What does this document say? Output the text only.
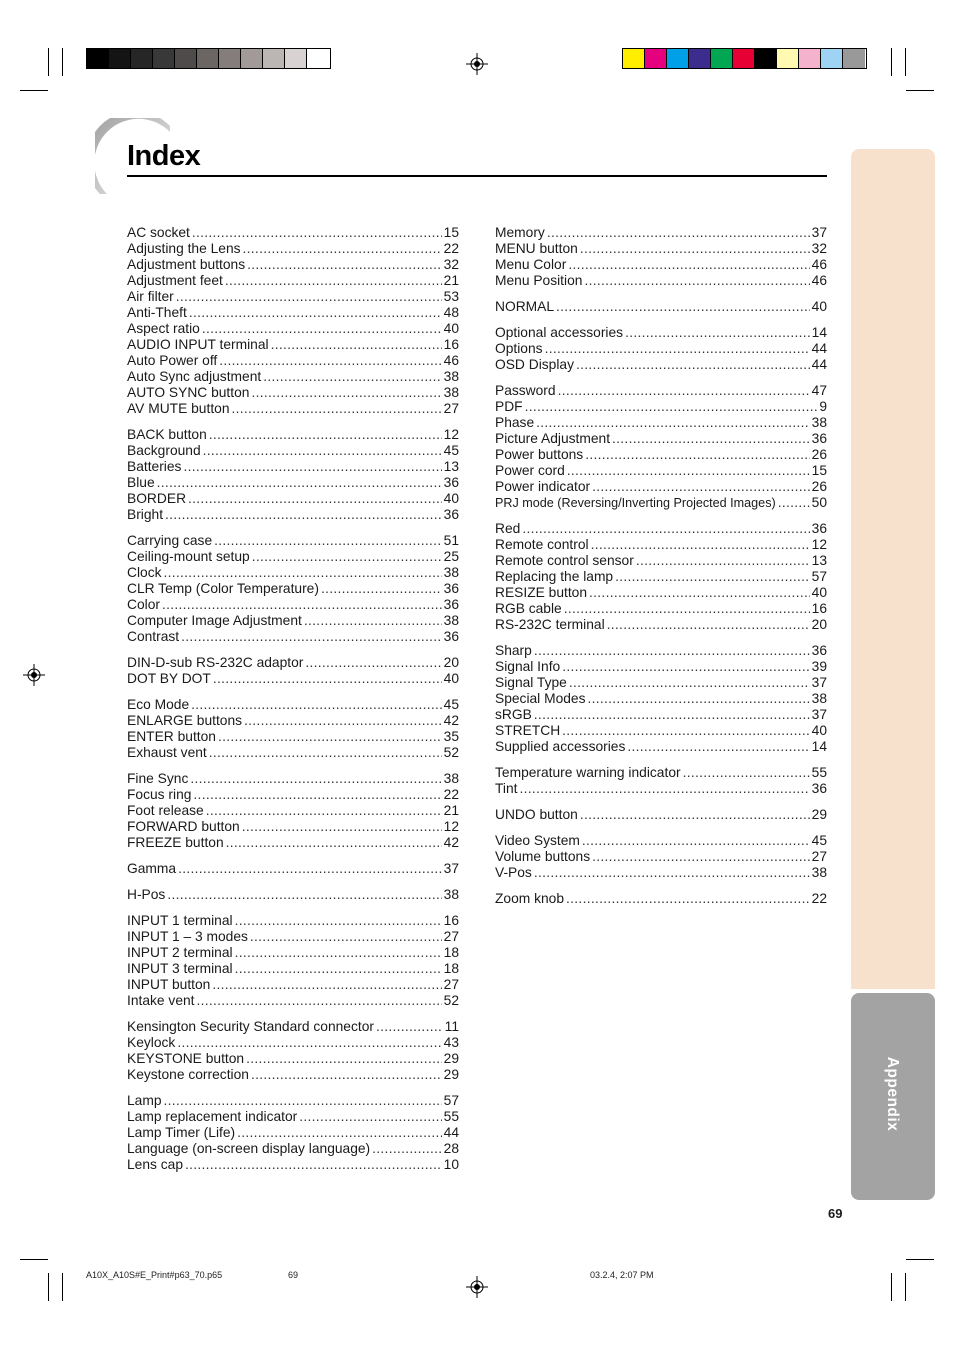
Appendix
Index
AC socket .....	15
Adjusting the Lens .....	22
Adjustment buttons .....	32
Adjustment feet .....	21
Air filter .....	53
Anti-Theft .....	48
Aspect ratio .....	40
AUDIO INPUT terminal .....	16
Auto Power off .....	46
Auto Sync adjustment .....	38
AUTO SYNC button .....	38
AV MUTE button .....	27
BACK button .....	12
Background .....	45
Batteries .....	13
Blue .....	36
BORDER .....	40
Bright .....	36
Carrying case .....	51
Ceiling-mount setup .....	25
Clock .....	38
CLR Temp (Color Temperature) .....	36
Color .....	36
Computer Image Adjustment .....	38
Contrast .....	36
DIN-D-sub RS-232C adaptor .....	20
DOT BY DOT .....	40
Eco Mode .....	45
ENLARGE buttons .....	42
ENTER button .....	35
Exhaust vent .....	52
Fine Sync .....	38
Focus ring .....	22
Foot release .....	21
FORWARD button .....	12
FREEZE button .....	42
Gamma .....	37
H-Pos .....	38
INPUT 1 terminal .....	16
INPUT 1 – 3 modes .....	27
INPUT 2 terminal .....	18
INPUT 3 terminal .....	18
INPUT button .....	27
Intake vent .....	52
Kensington Security Standard connector .....	11
Keylock .....	43
KEYSTONE button .....	29
Keystone correction .....	29
Lamp .....	57
Lamp replacement indicator .....	55
Lamp Timer (Life) .....	44
Language (on-screen display language) .....	28
Lens cap .....	10
Memory .....	37
MENU button .....	32
Menu Color .....	46
Menu Position .....	46
NORMAL .....	40
Optional accessories .....	14
Options .....	44
OSD Display .....	44
Password .....	47
PDF .....	9
Phase .....	38
Picture Adjustment .....	36
Power buttons .....	26
Power cord .....	15
Power indicator .....	26
PRJ mode (Reversing/Inverting Projected Images) .....	50
Red .....	36
Remote control .....	12
Remote control sensor .....	13
Replacing the lamp .....	57
RESIZE button .....	40
RGB cable .....	16
RS-232C terminal .....	20
Sharp .....	36
Signal Info .....	39
Signal Type .....	37
Special Modes .....	38
sRGB .....	37
STRETCH .....	40
Supplied accessories .....	14
Temperature warning indicator .....	55
Tint .....	36
UNDO button .....	29
Video System .....	45
Volume buttons .....	27
V-Pos .....	38
Zoom knob .....	22
69
A10X_A10S#E_Print#p63_70.p65	69	03.2.4, 2:07 PM
